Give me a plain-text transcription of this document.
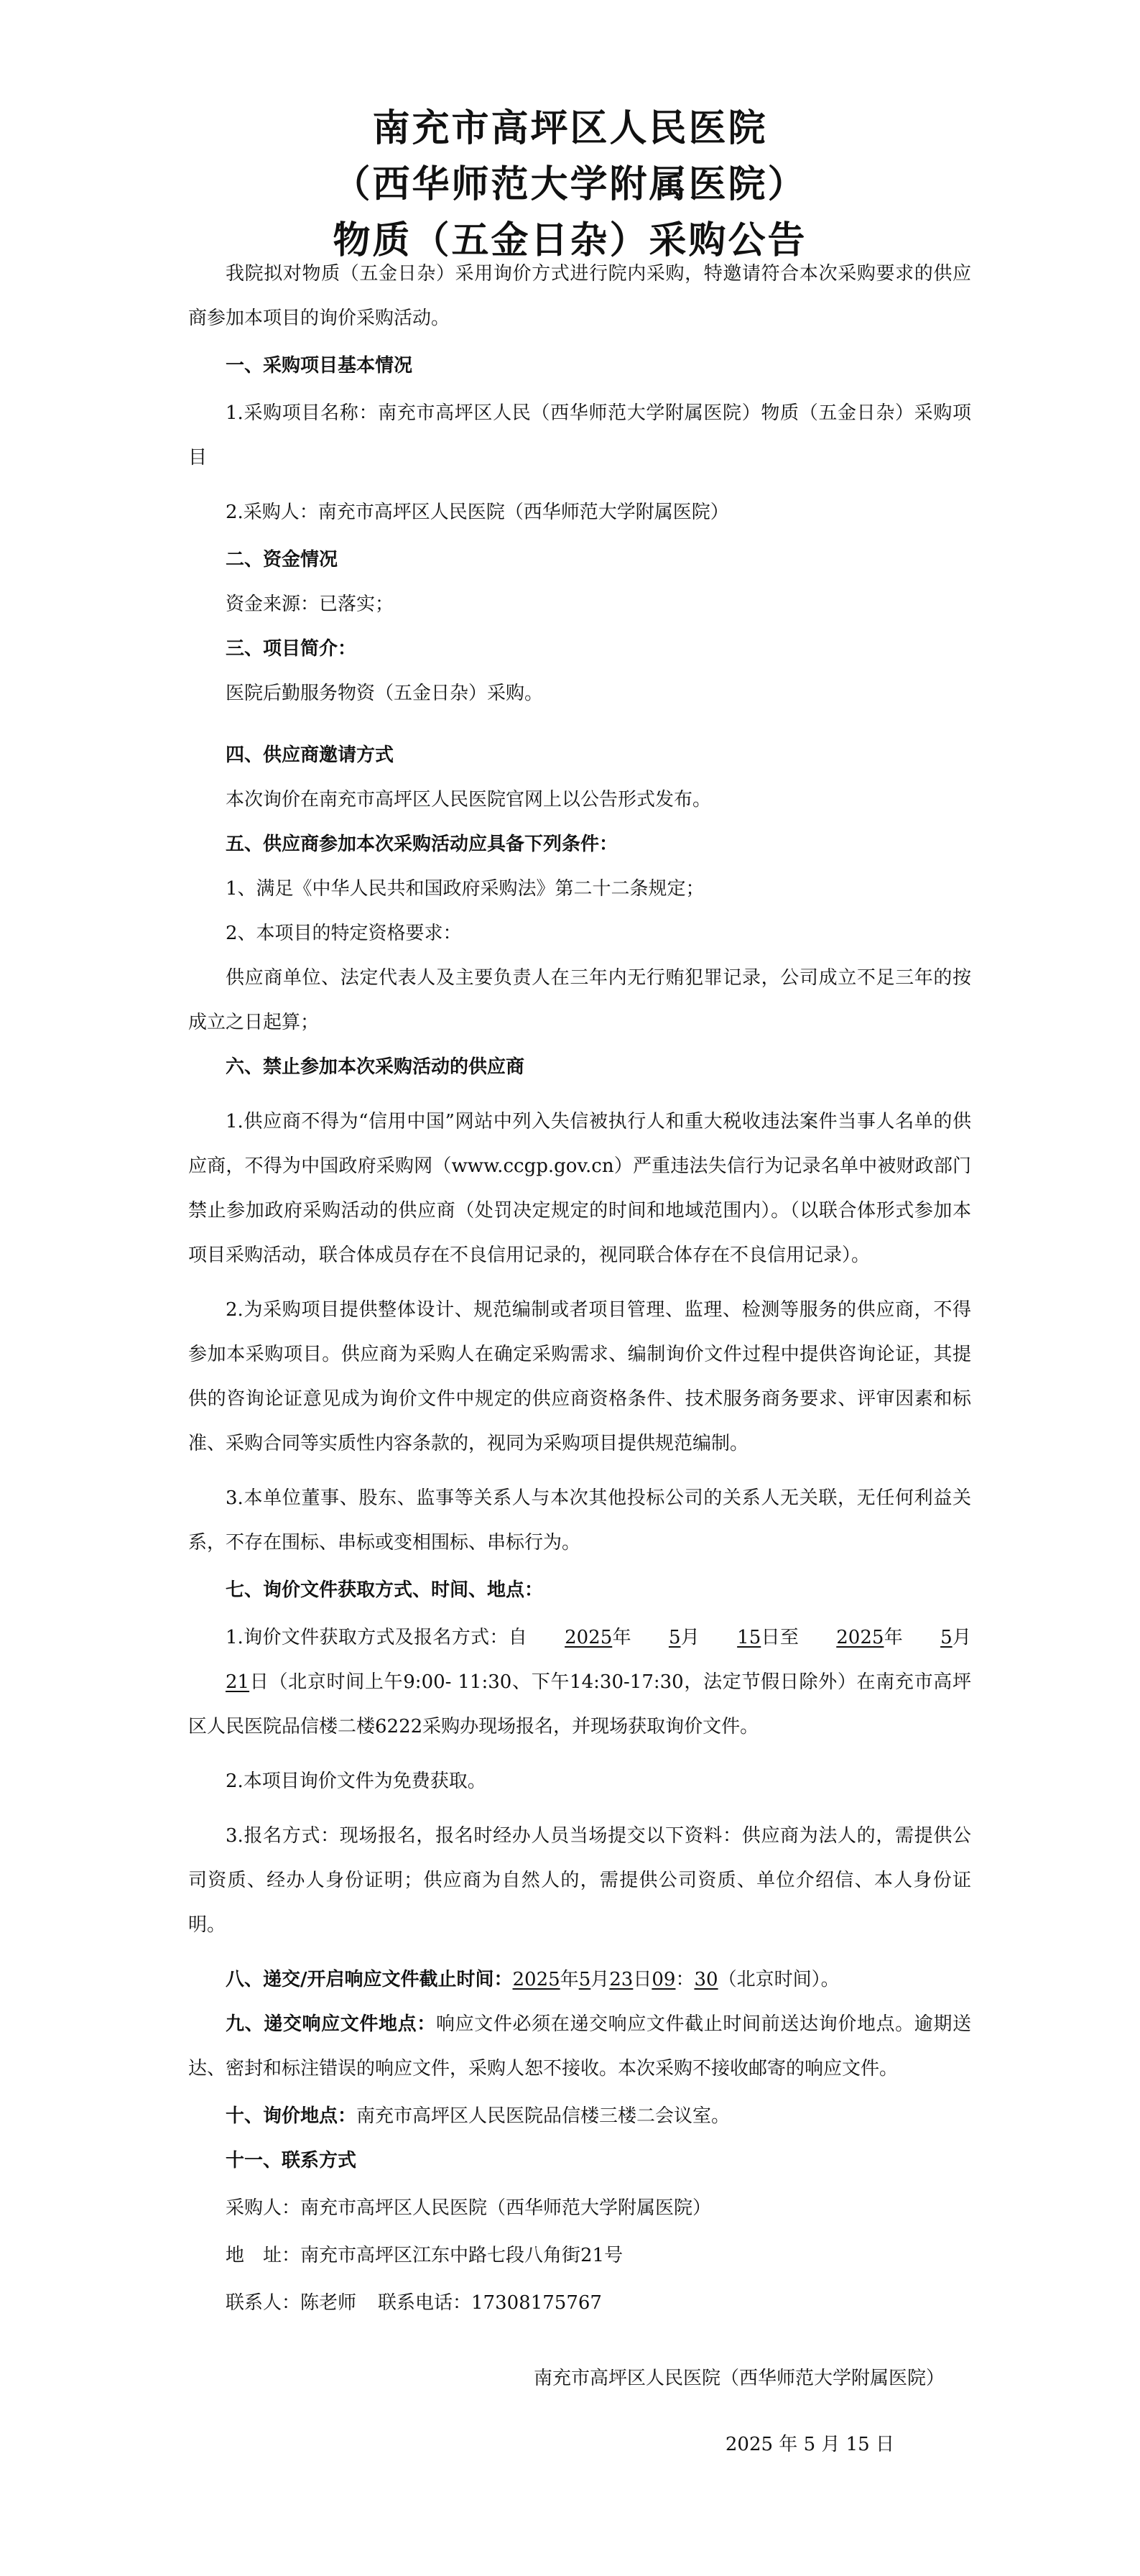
南充市高坪区人民医院
（西华师范大学附属医院）
物质（五金日杂）采购公告

我院拟对物质（五金日杂）采用询价方式进行院内采购，特邀请符合本次采购要求的供应商参加本项目的询价采购活动。

一、采购项目基本情况

1.采购项目名称：南充市高坪区人民（西华师范大学附属医院）物质（五金日杂）采购项目

2.采购人：南充市高坪区人民医院（西华师范大学附属医院）

二、资金情况

资金来源：已落实；

三、项目简介：

医院后勤服务物资（五金日杂）采购。

四、供应商邀请方式

本次询价在南充市高坪区人民医院官网上以公告形式发布。

五、供应商参加本次采购活动应具备下列条件：

1、满足《中华人民共和国政府采购法》第二十二条规定；

2、本项目的特定资格要求：

供应商单位、法定代表人及主要负责人在三年内无行贿犯罪记录，公司成立不足三年的按成立之日起算；

六、禁止参加本次采购活动的供应商

1.供应商不得为“信用中国”网站中列入失信被执行人和重大税收违法案件当事人名单的供应商，不得为中国政府采购网（www.ccgp.gov.cn）严重违法失信行为记录名单中被财政部门禁止参加政府采购活动的供应商（处罚决定规定的时间和地域范围内）。（以联合体形式参加本项目采购活动，联合体成员存在不良信用记录的，视同联合体存在不良信用记录）。

2.为采购项目提供整体设计、规范编制或者项目管理、监理、检测等服务的供应商，不得参加本采购项目。供应商为采购人在确定采购需求、编制询价文件过程中提供咨询论证，其提供的咨询论证意见成为询价文件中规定的供应商资格条件、技术服务商务要求、评审因素和标准、采购合同等实质性内容条款的，视同为采购项目提供规范编制。

3.本单位董事、股东、监事等关系人与本次其他投标公司的关系人无关联，无任何利益关系，不存在围标、串标或变相围标、串标行为。

七、询价文件获取方式、时间、地点：

1.询价文件获取方式及报名方式：自 2025年 5月 15日至 2025年 5月21日（北京时间上午9:00- 11:30、下午14:30-17:30，法定节假日除外）在南充市高坪区人民医院品信楼二楼6222采购办现场报名，并现场获取询价文件。

2.本项目询价文件为免费获取。

3.报名方式：现场报名，报名时经办人员当场提交以下资料：供应商为法人的，需提供公司资质、经办人身份证明；供应商为自然人的，需提供公司资质、单位介绍信、本人身份证明。

八、递交/开启响应文件截止时间：2025年5月23日09：30（北京时间）。

九、递交响应文件地点：响应文件必须在递交响应文件截止时间前送达询价地点。逾期送达、密封和标注错误的响应文件，采购人恕不接收。本次采购不接收邮寄的响应文件。

十、询价地点：南充市高坪区人民医院品信楼三楼二会议室。

十一、联系方式

采购人：南充市高坪区人民医院（西华师范大学附属医院）

地　址：南充市高坪区江东中路七段八角街21号

联系人：陈老师 联系电话：17308175767

南充市高坪区人民医院（西华师范大学附属医院）
2025 年 5 月 15 日
